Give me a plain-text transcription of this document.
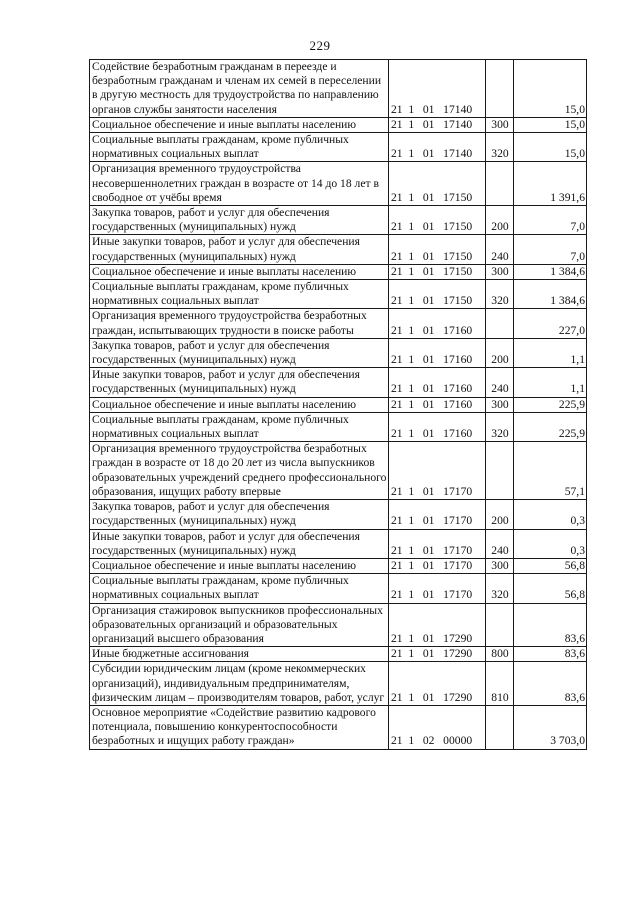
229
Содействие безработным гражданам в переезде и безработным гражданам и членам их семей в переселении в другую местность для трудоустройства по направлению органов службы занятости населения	21  1   01   17140		15,0
Социальное обеспечение и иные выплаты населению	21  1   01   17140	300	15,0
Социальные выплаты гражданам, кроме публичных нормативных социальных выплат	21  1   01   17140	320	15,0
Организация временного трудоустройства несовершеннолетних граждан в возрасте от 14 до 18 лет в свободное от учёбы время	21  1   01   17150		1 391,6
Закупка товаров, работ и услуг для обеспечения государственных (муниципальных) нужд	21  1   01   17150	200	7,0
Иные закупки товаров, работ и услуг для обеспечения государственных (муниципальных) нужд	21  1   01   17150	240	7,0
Социальное обеспечение и иные выплаты населению	21  1   01   17150	300	1 384,6
Социальные выплаты гражданам, кроме публичных нормативных социальных выплат	21  1   01   17150	320	1 384,6
Организация временного трудоустройства безработных граждан, испытывающих трудности в поиске работы	21  1   01   17160		227,0
Закупка товаров, работ и услуг для обеспечения государственных (муниципальных) нужд	21  1   01   17160	200	1,1
Иные закупки товаров, работ и услуг для обеспечения государственных (муниципальных) нужд	21  1   01   17160	240	1,1
Социальное обеспечение и иные выплаты населению	21  1   01   17160	300	225,9
Социальные выплаты гражданам, кроме публичных нормативных социальных выплат	21  1   01   17160	320	225,9
Организация временного трудоустройства безработных граждан в возрасте от 18 до 20 лет из числа выпускников образовательных учреждений среднего профессионального образования, ищущих работу впервые	21  1   01   17170		57,1
Закупка товаров, работ и услуг для обеспечения государственных (муниципальных) нужд	21  1   01   17170	200	0,3
Иные закупки товаров, работ и услуг для обеспечения государственных (муниципальных) нужд	21  1   01   17170	240	0,3
Социальное обеспечение и иные выплаты населению	21  1   01   17170	300	56,8
Социальные выплаты гражданам, кроме публичных нормативных социальных выплат	21  1   01   17170	320	56,8
Организация стажировок выпускников профессиональных образовательных организаций и образовательных организаций высшего образования	21  1   01   17290		83,6
Иные бюджетные ассигнования	21  1   01   17290	800	83,6
Субсидии юридическим лицам (кроме некоммерческих организаций), индивидуальным предпринимателям, физическим лицам – производителям товаров, работ, услуг	21  1   01   17290	810	83,6
Основное мероприятие «Содействие развитию кадрового потенциала, повышению конкурентоспособности безработных и ищущих работу граждан»	21  1   02   00000		3 703,0
